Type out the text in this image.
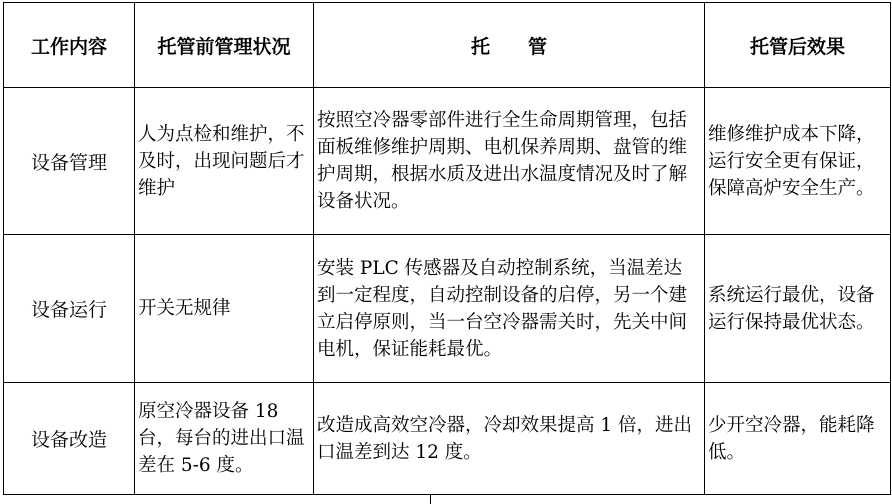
工作内容	托管前管理状况	托 管	托管后效果
设备管理	人为点检和维护，不及时，出现问题后才维护	按照空冷器零部件进行全生命周期管理，包括面板维修维护周期、电机保养周期、盘管的维护周期，根据水质及进出水温度情况及时了解设备状况。	维修维护成本下降，运行安全更有保证，保障高炉安全生产。
设备运行	开关无规律	安装 PLC 传感器及自动控制系统，当温差达到一定程度，自动控制设备的启停，另一个建立启停原则，当一台空冷器需关时，先关中间电机，保证能耗最优。	系统运行最优，设备运行保持最优状态。
设备改造	原空冷器设备 18 台，每台的进出口温差在 5-6 度。	改造成高效空冷器，冷却效果提高 1 倍，进出口温差到达 12 度。	少开空冷器，能耗降低。
